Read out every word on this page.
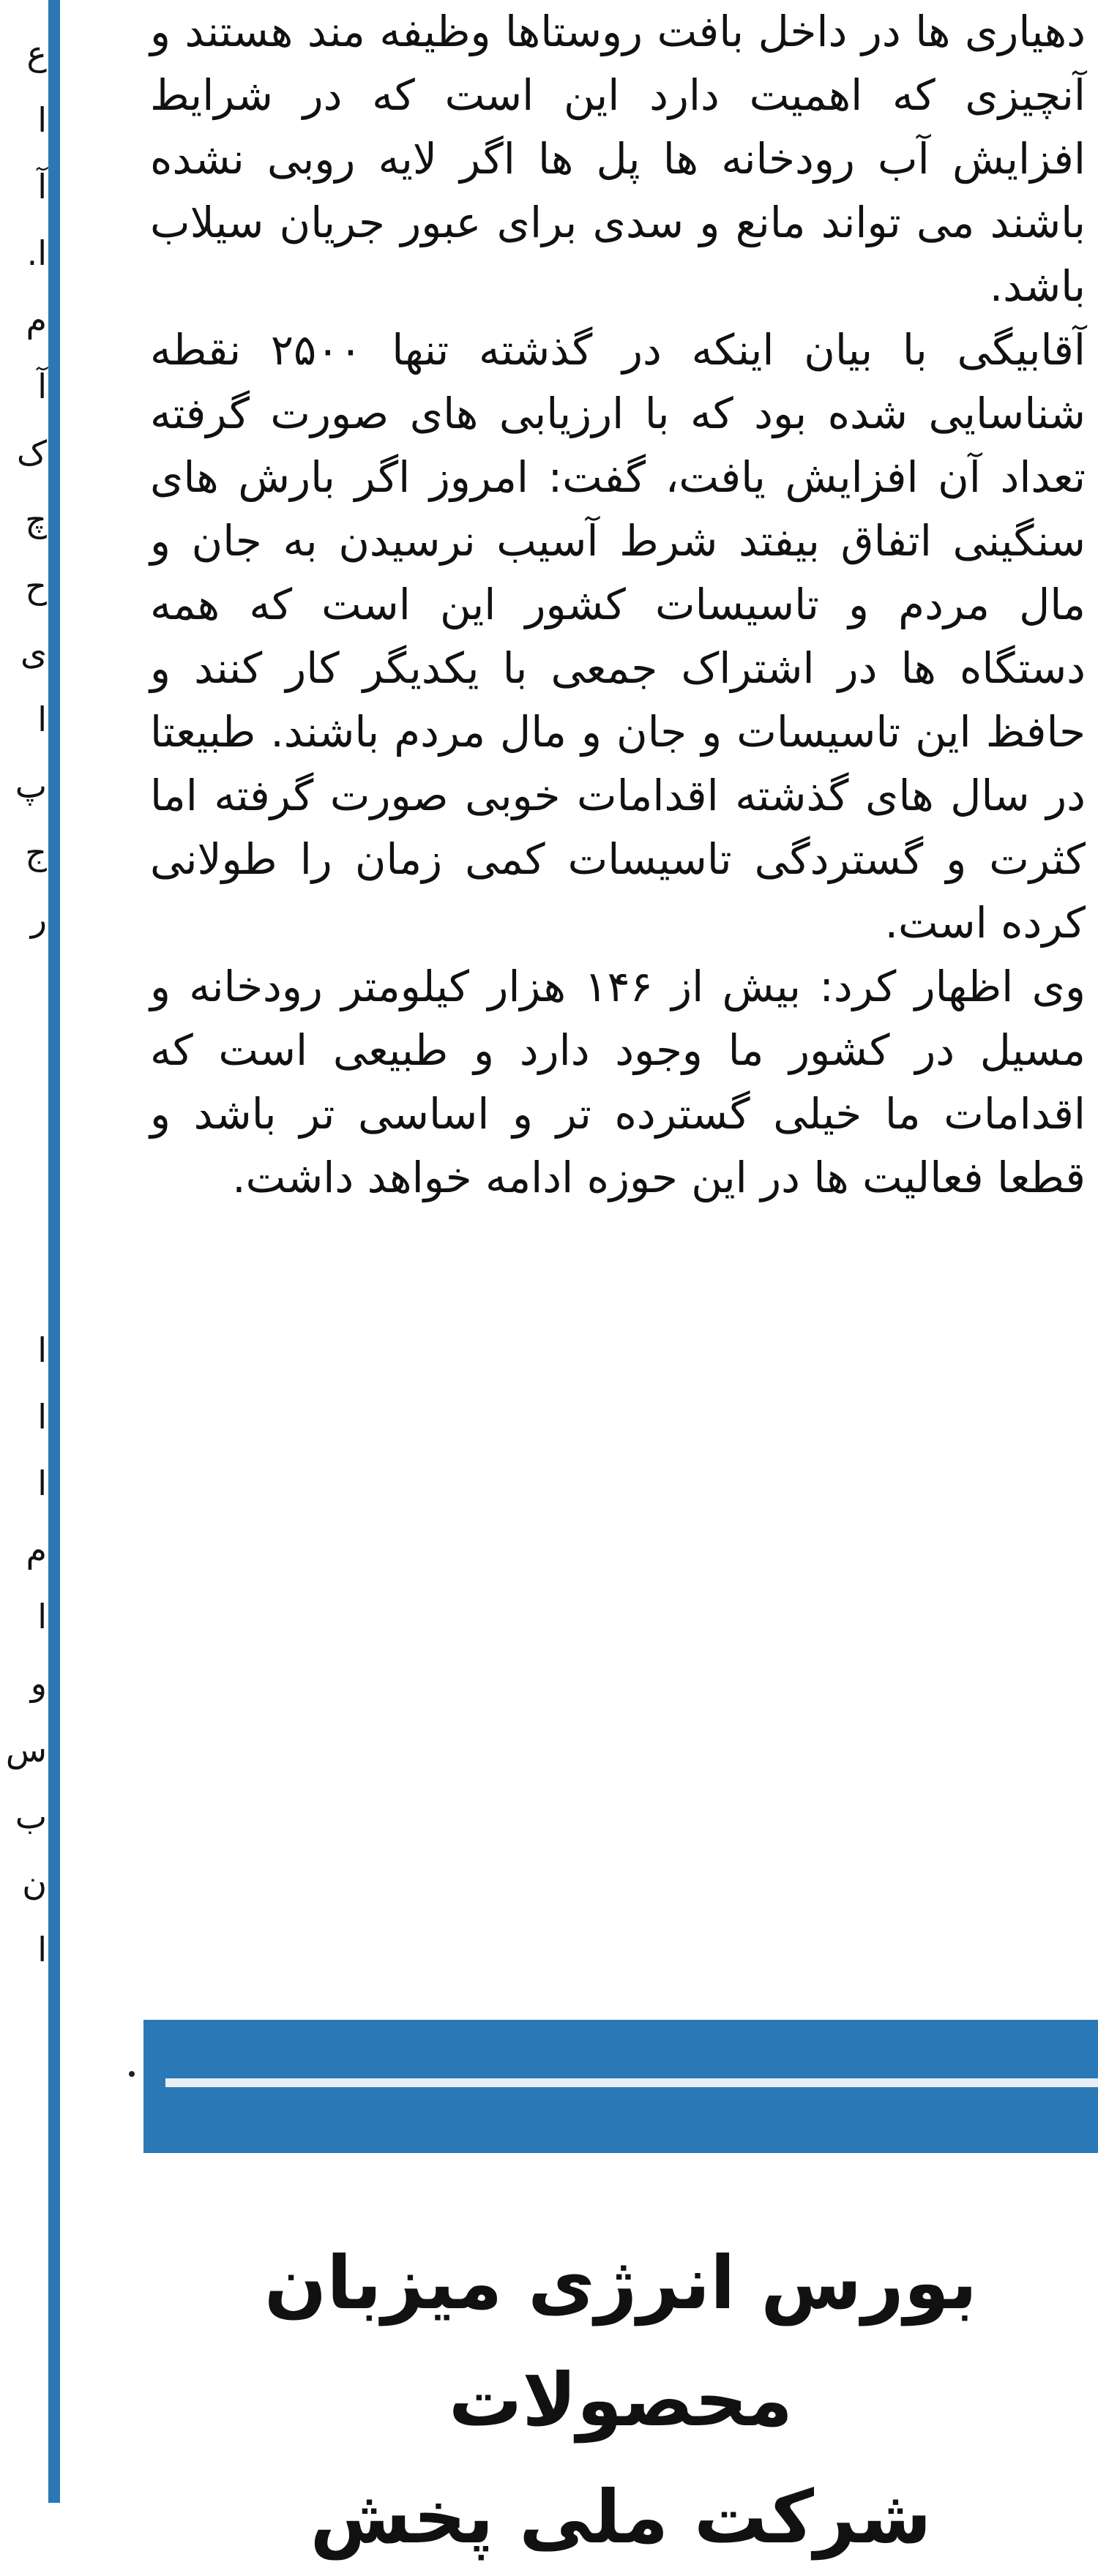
ع
ا
آ
ا.
م
آ
ک
چ
ح
ی
ا
پ
ج
ر
ا
ا
ا
م
ا
و
س
ب
ن
ا

دهیاری ها در داخل بافت روستاها وظیفه مند هستند و آنچیزی که اهمیت دارد این است که در شرایط افزایش آب رودخانه ها پل ها اگر لایه روبی نشده باشند می تواند مانع و سدی برای عبور جریان سیلاب باشد.

آقابیگی با بیان اینکه در گذشته تنها ۲۵۰۰ نقطه شناسایی شده بود که با ارزیابی های صورت گرفته تعداد آن افزایش یافت، گفت: امروز اگر بارش های سنگینی اتفاق بیفتد شرط آسیب نرسیدن به جان و مال مردم و تاسیسات کشور این است که همه دستگاه ها در اشتراک جمعی با یکدیگر کار کنند و حافظ این تاسیسات و جان و مال مردم باشند. طبیعتا در سال های گذشته اقدامات خوبی صورت گرفته اما کثرت و گستردگی تاسیسات کمی زمان را طولانی کرده است.

وی اظهار کرد: بیش از ۱۴۶ هزار کیلومتر رودخانه و مسیل در کشور ما وجود دارد و طبیعی است که اقدامات ما خیلی گسترده تر و اساسی تر باشد و قطعا فعالیت ها در این حوزه ادامه خواهد داشت.

بورس انرژی میزبان محصولات
شرکت ملی پخش
